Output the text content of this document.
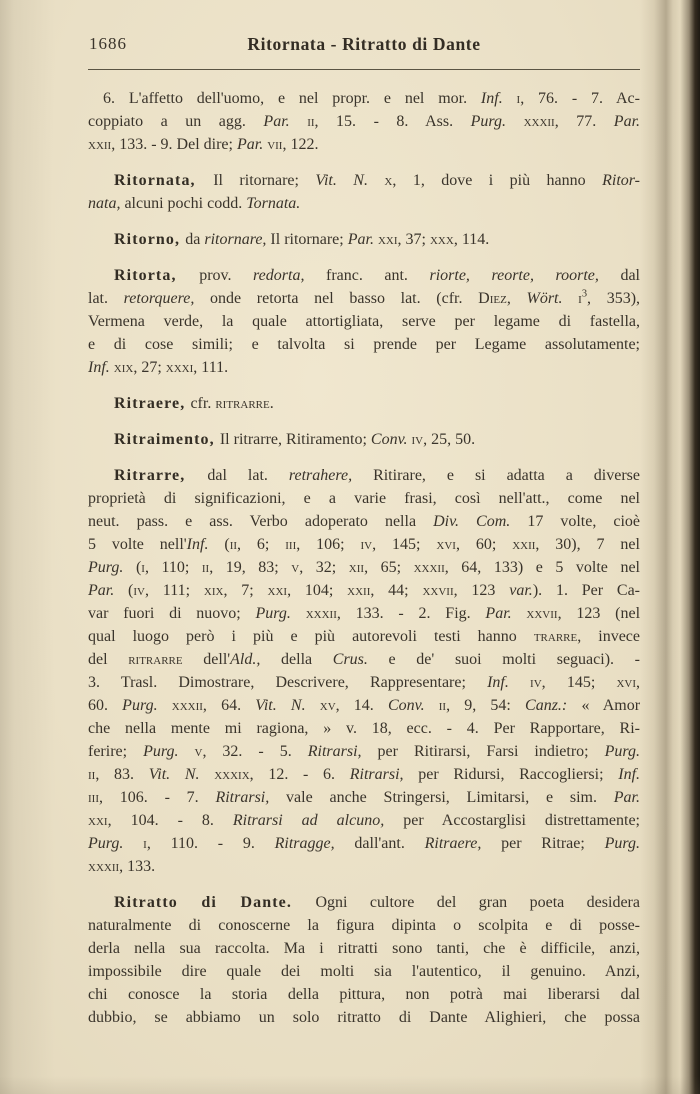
1686	Ritornata - Ritratto di Dante
6. L'affetto dell'uomo, e nel propr. e nel mor. Inf. i, 76. - 7. Ac-
coppiato a un agg. Par. ii, 15. - 8. Ass. Purg. xxxii, 77. Par.
xxii, 133. - 9. Del dire; Par. vii, 122.
Ritornata, Il ritornare; Vit. N. x, 1, dove i più hanno Ritor-
nata, alcuni pochi codd. Tornata.
Ritorno, da ritornare, Il ritornare; Par. xxi, 37; xxx, 114.
Ritorta, prov. redorta, franc. ant. riorte, reorte, roorte, dal
lat. retorquere, onde retorta nel basso lat. (cfr. Diez, Wört. $i^3$, 353),
Vermena verde, la quale attortigliata, serve per legame di fastella,
e di cose simili; e talvolta si prende per Legame assolutamente;
Inf. xix, 27; xxxi, 111.
Ritraere, cfr. ritrarre.
Ritraimento, Il ritrarre, Ritiramento; Conv. iv, 25, 50.
Ritrarre, dal lat. retrahere, Ritirare, e si adatta a diverse
proprietà di significazioni, e a varie frasi, così nell'att., come nel
neut. pass. e ass. Verbo adoperato nella Div. Com. 17 volte, cioè
5 volte nell'Inf. (ii, 6; iii, 106; iv, 145; xvi, 60; xxii, 30), 7 nel
Purg. (i, 110; ii, 19, 83; v, 32; xii, 65; xxxii, 64, 133) e 5 volte nel
Par. (iv, 111; xix, 7; xxi, 104; xxii, 44; xxvii, 123 var.). 1. Per Ca-
var fuori di nuovo; Purg. xxxii, 133. - 2. Fig. Par. xxvii, 123 (nel
qual luogo però i più e più autorevoli testi hanno trarre, invece
del ritrarre dell'Ald., della Crus. e de' suoi molti seguaci). -
3. Trasl. Dimostrare, Descrivere, Rappresentare; Inf. iv, 145; xvi,
60. Purg. xxxii, 64. Vit. N. xv, 14. Conv. ii, 9, 54: Canz.: « Amor
che nella mente mi ragiona, » v. 18, ecc. - 4. Per Rapportare, Ri-
ferire; Purg. v, 32. - 5. Ritrarsi, per Ritirarsi, Farsi indietro; Purg.
ii, 83. Vit. N. xxxix, 12. - 6. Ritrarsi, per Ridursi, Raccogliersi; Inf.
iii, 106. - 7. Ritrarsi, vale anche Stringersi, Limitarsi, e sim. Par.
xxi, 104. - 8. Ritrarsi ad alcuno, per Accostarglisi distrettamente;
Purg. i, 110. - 9. Ritragge, dall'ant. Ritraere, per Ritrae; Purg.
xxxii, 133.
Ritratto di Dante. Ogni cultore del gran poeta desidera
naturalmente di conoscerne la figura dipinta o scolpita e di posse-
derla nella sua raccolta. Ma i ritratti sono tanti, che è difficile, anzi,
impossibile dire quale dei molti sia l'autentico, il genuino. Anzi,
chi conosce la storia della pittura, non potrà mai liberarsi dal
dubbio, se abbiamo un solo ritratto di Dante Alighieri, che possa
